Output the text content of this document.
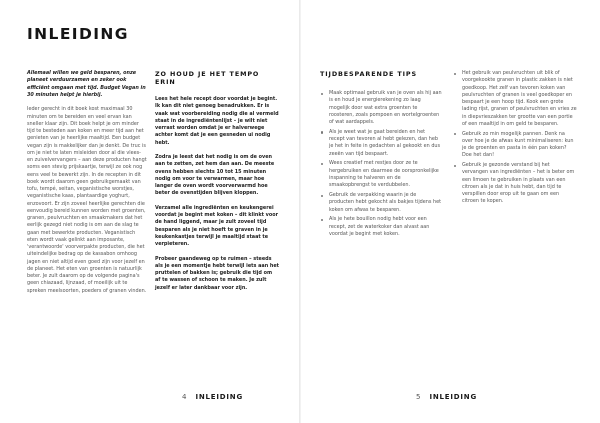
INLEIDING

Allemaal willen we geld besparen, onze planeet verduurzamen en zeker ook efficiënt omgaan met tijd. Budget Vegan in 30 minuten helpt je hierbij.

Ieder gerecht in dit boek kost maximaal 30 minuten om te bereiden en veel ervan kan sneller klaar zijn. Dit boek helpt je om minder tijd te besteden aan koken en meer tijd aan het genieten van je heerlijke maaltijd. Een budget vegan zijn is makkelijker dan je denkt. De truc is om je niet te laten misleiden door al die vlees- en zuivelvervangers – aan deze producten hangt soms een stevig prijskaartje, terwijl ze ook nog eens veel te bewerkt zijn. In de recepten in dit boek wordt daarom geen gebruikgemaakt van tofu, tempé, seitan, veganistische worstjes, veganistische kaas, plantaardige yoghurt, enzovoort. Er zijn zoveel heerlijke gerechten die eenvoudig bereid kunnen worden met groenten, granen, peulvruchten en smaakmakers dat het eerlijk gezegd niet nodig is om aan de slag te gaan met bewerkte producten. Veganistisch eten wordt vaak gelinkt aan imposante, 'verantwoorde' voorverpakte producten, die het uiteindelijke bedrag op de kassabon omhoog jagen en niet altijd even goed zijn voor jezelf en de planeet. Het eten van groenten is natuurlijk beter. Je zult daarom op de volgende pagina's geen chiazaad, lijnzaad, of moeilijk uit te spreken meelsoorten, poeders of granen vinden.

ZO HOUD JE HET TEMPO ERIN

Lees het hele recept door voordat je begint. Ik kan dit niet genoeg benadrukken. Er is vaak wat voorbereiding nodig die al vermeld staat in de ingrediëntenlijst – je wilt niet verrast worden omdat je er halverwege achter komt dat je een gesneden ui nodig hebt.

Zodra je leest dat het nodig is om de oven aan te zetten, zet hem dan aan. De meeste ovens hebben slechts 10 tot 15 minuten nodig om voor te verwarmen, maar hoe langer de oven wordt voorverwarmd hoe beter de ovenstijden blijven kloppen.

Verzamel alle ingrediënten en keukengerei voordat je begint met koken – dit klinkt voor de hand liggend, maar je zult zoveel tijd besparen als je niet hoeft te graven in je keukenkastjes terwijl je maaltijd staat te verpieteren.

Probeer gaandeweg op te ruimen – steeds als je een momentje hebt terwijl iets aan het pruttelen of bakken is; gebruik die tijd om af te wassen of schoon te maken. Je zult jezelf er later dankbaar voor zijn.

TIJDBESPARENDE TIPS
Maak optimaal gebruik van je oven als hij aan is en houd je energierekening zo laag mogelijk door wat extra groenten te roosteren, zoals pompoen en wortelgroenten of wat aardappels.
Als je weet wat je gaat bereiden en het recept van tevoren al hebt gelezen, dan heb je het in feite in gedachten al gekookt en dus zeeën van tijd bespaart.
Wees creatief met restjes door ze te hergebruiken en daarmee de oorspronkelijke inspanning te halveren en de smaakopbrengst te verdubbelen.
Gebruik de verpakking waarin je de producten hebt gekocht als bakjes tijdens het koken om afwas te besparen.
Als je hete bouillon nodig hebt voor een recept, zet de waterkoker dan alvast aan voordat je begint met koken.
Het gebruik van peulvruchten uit blik of voorgekookte granen in plastic zakken is niet goedkoop. Het zelf van tevoren koken van peulvruchten of granen is veel goedkoper en bespaart je een hoop tijd. Kook een grote lading rijst, granen of peulvruchten en vries ze in diepvrieszakken ter grootte van een portie of een maaltijd in om geld te besparen.
Gebruik zo min mogelijk pannen. Denk na over hoe je de afwas kunt minimaliseren: kun je de groenten en pasta in één pan koken? Doe het dan!
Gebruik je gezonde verstand bij het vervangen van ingrediënten – het is beter om een limoen te gebruiken in plaats van een citroen als je dat in huis hebt, dan tijd te verspillen door erop uit te gaan om een citroen te kopen.
4 INLEIDING	5 INLEIDING
